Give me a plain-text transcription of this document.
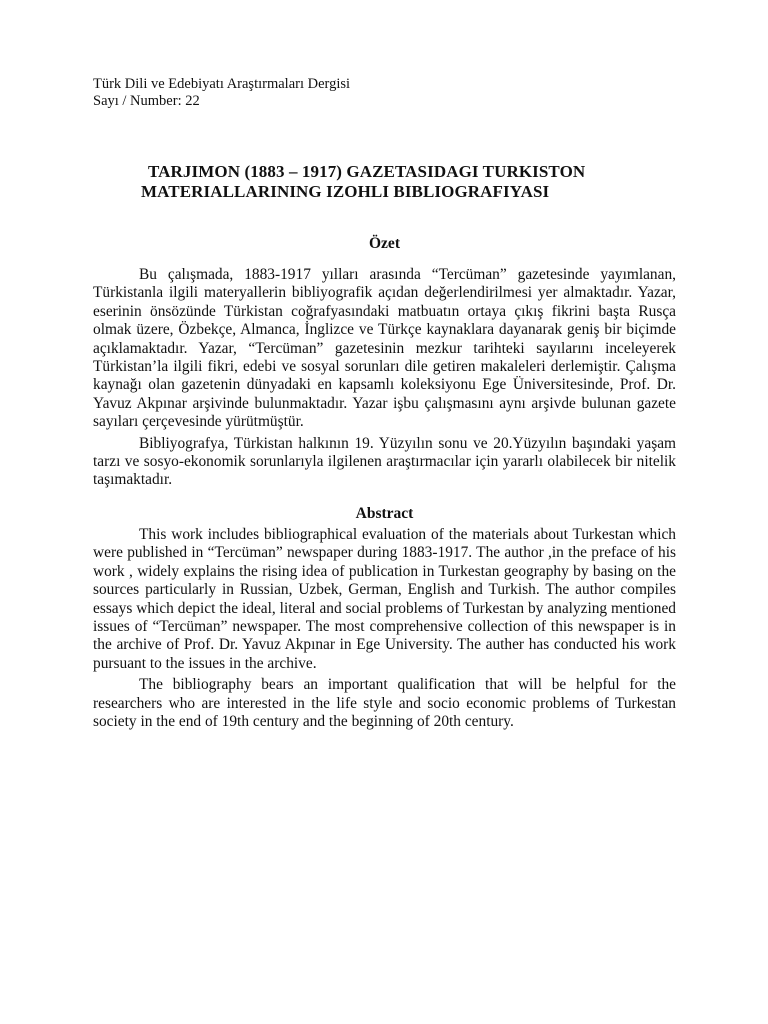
Türk Dili ve Edebiyatı Araştırmaları Dergisi

Sayı / Number: 22

TARJIMON (1883 – 1917) GAZETASIDAGI TURKISTON
MATERIALLARINING IZOHLI BIBLIOGRAFIYASI

Özet

Bu çalışmada, 1883-1917 yılları arasında “Tercüman” gazetesinde yayımlanan, Türkistanla ilgili materyallerin bibliyografik açıdan değerlendirilmesi yer almaktadır. Yazar, eserinin önsözünde Türkistan coğrafyasındaki matbuatın ortaya çıkış fikrini başta Rusça olmak üzere, Özbekçe, Almanca, İnglizce ve Türkçe kaynaklara dayanarak geniş bir biçimde açıklamaktadır. Yazar, “Tercüman” gazetesinin mezkur tarihteki sayılarını inceleyerek Türkistan’la ilgili fikri, edebi ve sosyal sorunları dile getiren makaleleri derlemiştir. Çalışma kaynağı olan gazetenin dünyadaki en kapsamlı koleksiyonu Ege Üniversitesinde, Prof. Dr. Yavuz Akpınar arşivinde bulunmaktadır. Yazar işbu çalışmasını aynı arşivde bulunan gazete sayıları çerçevesinde yürütmüştür.

Bibliyografya, Türkistan halkının 19. Yüzyılın sonu ve 20.Yüzyılın başındaki yaşam tarzı ve sosyo-ekonomik sorunlarıyla ilgilenen araştırmacılar için yararlı olabilecek bir nitelik taşımaktadır.

Abstract

This work includes bibliographical evaluation of the materials about Turkestan which were published in “Tercüman” newspaper during 1883-1917. The author ,in the preface of his work , widely explains the rising idea of publication in Turkestan geography by basing on the sources particularly in Russian, Uzbek, German, English and Turkish. The author compiles essays which depict the ideal, literal and social problems of Turkestan by analyzing mentioned issues of “Tercüman” newspaper. The most comprehensive collection of this newspaper is in the archive of Prof. Dr. Yavuz Akpınar in Ege University. The auther has conducted his work pursuant to the issues in the archive.

The bibliography bears an important qualification that will be helpful for the researchers who are interested in the life style and socio economic problems of Turkestan society in the end of 19th century and the beginning of 20th century.
